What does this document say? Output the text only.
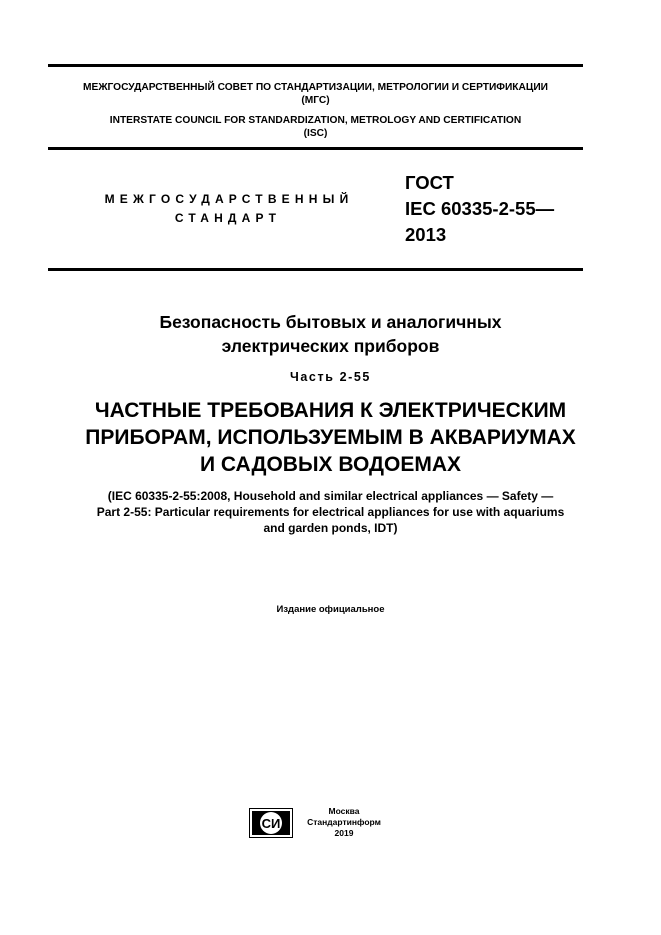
МЕЖГОСУДАРСТВЕННЫЙ СОВЕТ ПО СТАНДАРТИЗАЦИИ, МЕТРОЛОГИИ И СЕРТИФИКАЦИИ
(МГС)
INTERSTATE COUNCIL FOR STANDARDIZATION, METROLOGY AND CERTIFICATION
(ISC)
МЕЖГОСУДАРСТВЕННЫЙ
СТАНДАРТ
ГОСТ
IEC 60335-2-55—
2013
Безопасность бытовых и аналогичных
электрических приборов
Часть 2-55
ЧАСТНЫЕ ТРЕБОВАНИЯ К ЭЛЕКТРИЧЕСКИМ
ПРИБОРАМ, ИСПОЛЬЗУЕМЫМ В АКВАРИУМАХ
И САДОВЫХ ВОДОЕМАХ
(IEC 60335-2-55:2008, Household and similar electrical appliances — Safety —
Part 2-55: Particular requirements for electrical appliances for use with aquariums
and garden ponds, IDT)
Издание официальное
СИ
Москва
Стандартинформ
2019
